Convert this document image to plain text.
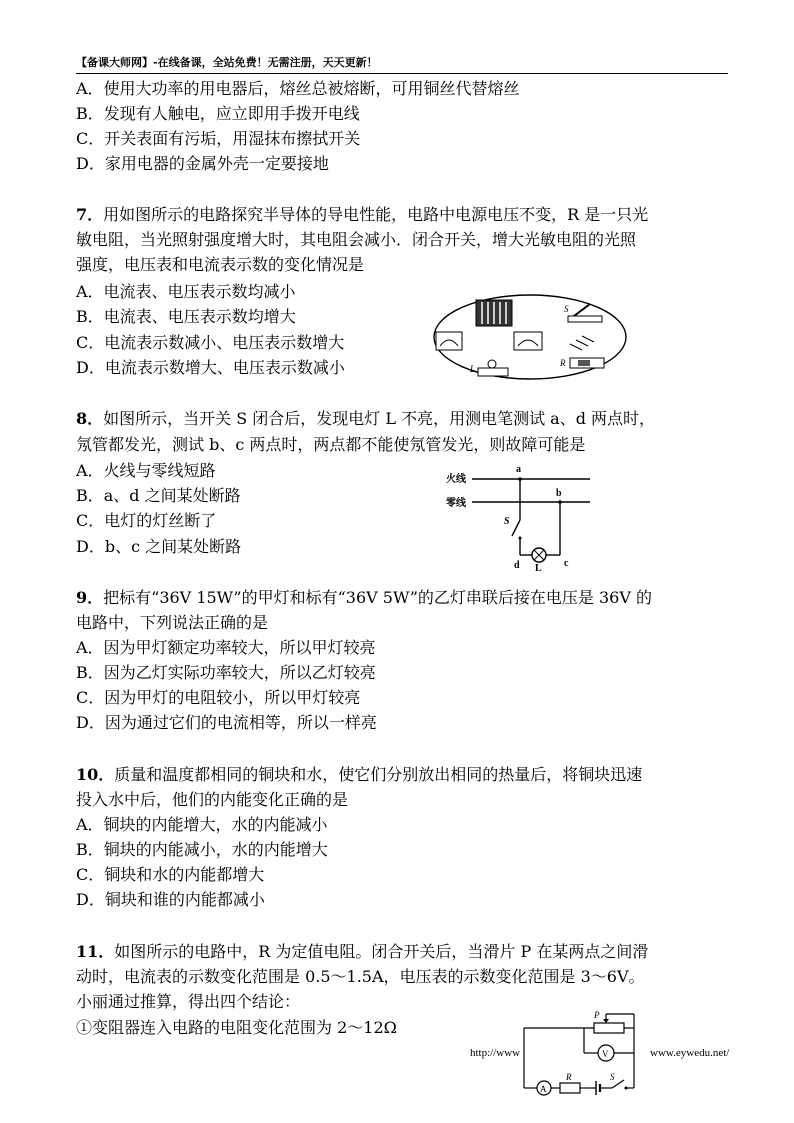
【备课大师网】-在线备课，全站免费！无需注册，天天更新！
A．使用大功率的用电器后，熔丝总被熔断，可用铜丝代替熔丝
B．发现有人触电，应立即用手拨开电线
C．开关表面有污垢，用湿抹布擦拭开关
D．家用电器的金属外壳一定要接地
7．用如图所示的电路探究半导体的导电性能，电路中电源电压不变，R 是一只光
敏电阻，当光照射强度增大时，其电阻会减小．闭合开关，增大光敏电阻的光照
强度，电压表和电流表示数的变化情况是
A．电流表、电压表示数均减小
B．电流表、电压表示数均增大
C．电流表示数减小、电压表示数增大
D．电流表示数增大、电压表示数减小
S
R
L
8．如图所示，当开关 S 闭合后，发现电灯 L 不亮，用测电笔测试 a、d 两点时，
氖管都发光，测试 b、c 两点时，两点都不能使氖管发光，则故障可能是
A．火线与零线短路
B．a、d 之间某处断路
C．电灯的灯丝断了
D．b、c 之间某处断路
火线
零线
a
b
S
d L c
9．把标有“36V 15W”的甲灯和标有“36V 5W”的乙灯串联后接在电压是 36V 的
电路中，下列说法正确的是
A．因为甲灯额定功率较大，所以甲灯较亮
B．因为乙灯实际功率较大，所以乙灯较亮
C．因为甲灯的电阻较小，所以甲灯较亮
D．因为通过它们的电流相等，所以一样亮
10．质量和温度都相同的铜块和水，使它们分别放出相同的热量后，将铜块迅速
投入水中后，他们的内能变化正确的是
A．铜块的内能增大，水的内能减小
B．铜块的内能减小，水的内能增大
C．铜块和水的内能都增大
D．铜块和谁的内能都减小
11．如图所示的电路中，R 为定值电阻。闭合开关后，当滑片 P 在某两点之间滑
动时，电流表的示数变化范围是 0.5～1.5A，电压表的示数变化范围是 3～6V。
小丽通过推算，得出四个结论：
①变阻器连入电路的电阻变化范围为 2～12Ω
P
V
A
R	S
http://www	www.eywedu.net/
